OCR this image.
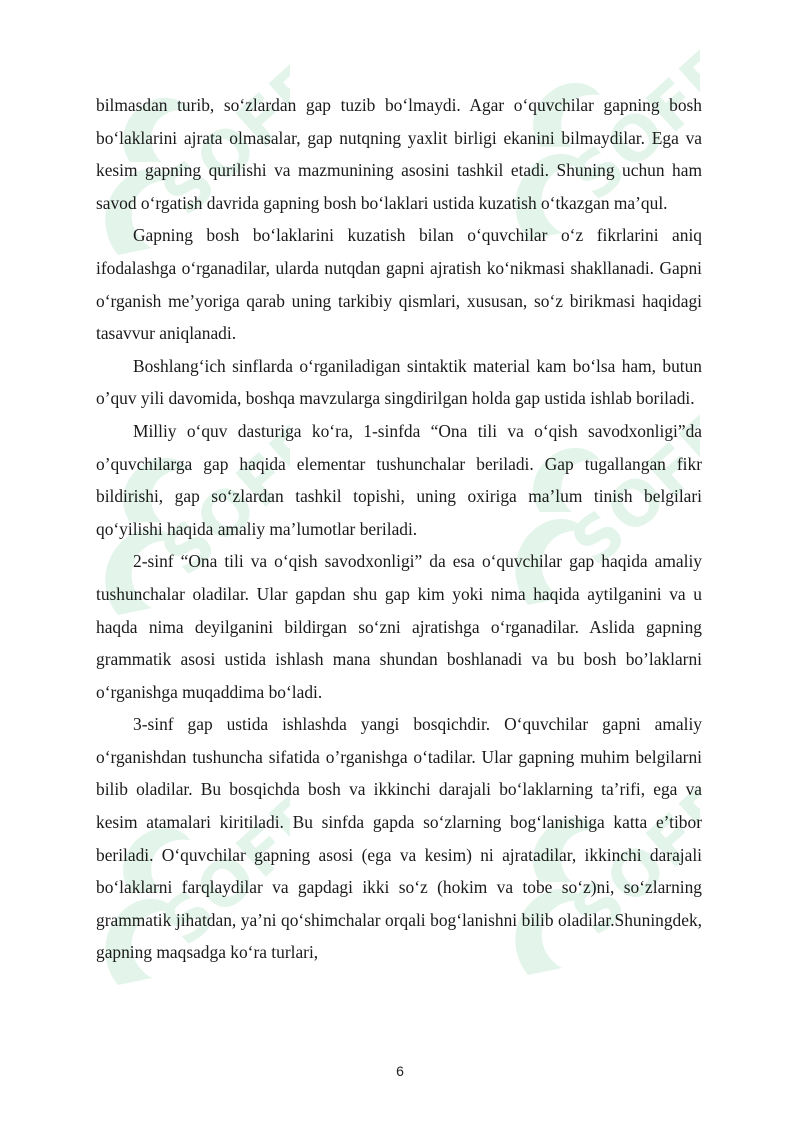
SOFF	SOFF
SOFF	SOFF
SOFF	SOFF

bilmasdan turib, so‘zlardan gap tuzib bo‘lmaydi. Agar o‘quvchilar gapning bosh bo‘laklarini ajrata olmasalar, gap nutqning yaxlit birligi ekanini bilmaydilar. Ega va kesim gapning qurilishi va mazmunining asosini tashkil etadi. Shuning uchun ham savod o‘rgatish davrida gapning bosh bo‘laklari ustida kuzatish o‘tkazgan ma’qul.

Gapning bosh bo‘laklarini kuzatish bilan o‘quvchilar o‘z fikrlarini aniq ifodalashga o‘rganadilar, ularda nutqdan gapni ajratish ko‘nikmasi shakllanadi. Gapni o‘rganish me’yoriga qarab uning tarkibiy qismlari, xususan, so‘z birikmasi haqidagi tasavvur aniqlanadi.

Boshlang‘ich sinflarda o‘rganiladigan sintaktik material kam bo‘lsa ham, butun o’quv yili davomida, boshqa mavzularga singdirilgan holda gap ustida ishlab boriladi.

Milliy o‘quv dasturiga ko‘ra, 1-sinfda “Ona tili va o‘qish savodxonligi”da o’quvchilarga gap haqida elementar tushunchalar beriladi. Gap tugallangan fikr bildirishi, gap so‘zlardan tashkil topishi, uning oxiriga ma’lum tinish belgilari qo‘yilishi haqida amaliy ma’lumotlar beriladi.

2-sinf “Ona tili va o‘qish savodxonligi” da esa o‘quvchilar gap haqida amaliy tushunchalar oladilar. Ular gapdan shu gap kim yoki nima haqida aytilganini va u haqda nima deyilganini bildirgan so‘zni ajratishga o‘rganadilar. Aslida gapning grammatik asosi ustida ishlash mana shundan boshlanadi va bu bosh bo’laklarni o‘rganishga muqaddima bo‘ladi.

3-sinf gap ustida ishlashda yangi bosqichdir. O‘quvchilar gapni amaliy o‘rganishdan tushuncha sifatida o’rganishga o‘tadilar. Ular gapning muhim belgilarni bilib oladilar. Bu bosqichda bosh va ikkinchi darajali bo‘laklarning ta’rifi, ega va kesim atamalari kiritiladi. Bu sinfda gapda so‘zlarning bog‘lanishiga katta e’tibor beriladi. O‘quvchilar gapning asosi (ega va kesim) ni ajratadilar, ikkinchi darajali bo‘laklarni farqlaydilar va gapdagi ikki so‘z (hokim va tobe so‘z)ni, so‘zlarning grammatik jihatdan, ya’ni qo‘shimchalar orqali bog‘lanishni bilib oladilar.Shuningdek, gapning maqsadga ko‘ra turlari,

6
